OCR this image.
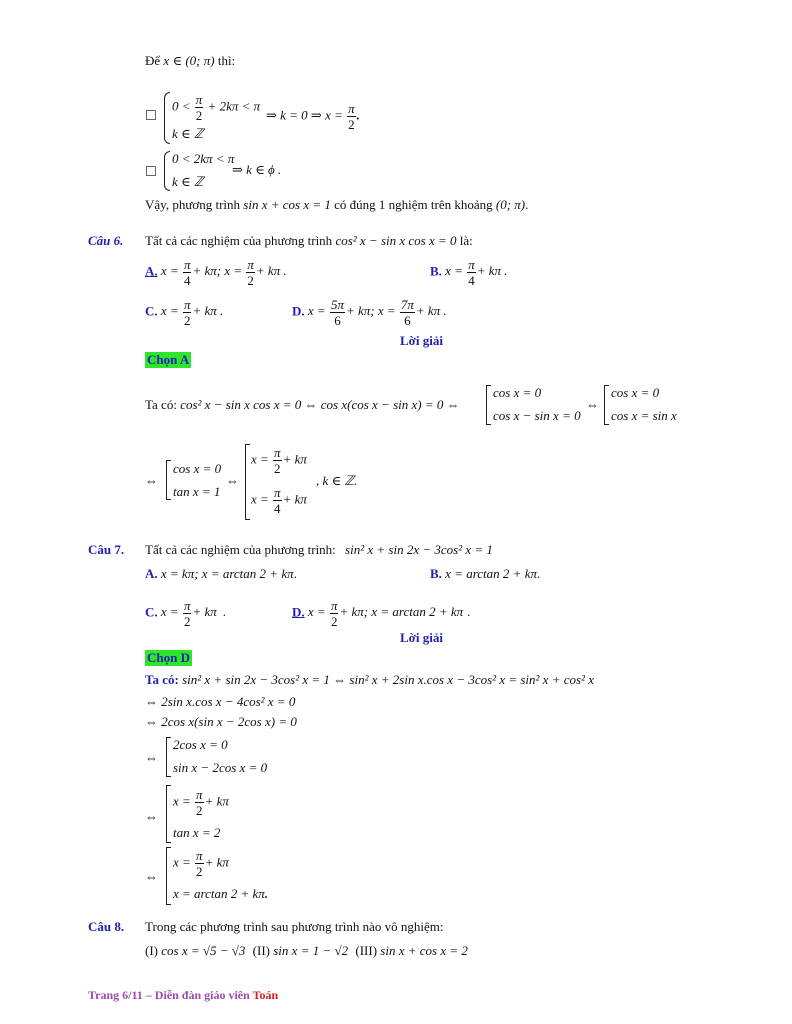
Để x ∈ (0; π) thì:
$0 < \frac{\pi}{2} + 2k\pi < \pi$
k ∈ ℤ
⇒ k = 0 ⇒ $x = \frac{\pi}{2}$ .
0 < 2kπ < π
k ∈ ℤ
⇒ k ∈ ϕ .
Vậy, phương trình sin x + cos x = 1 có đúng 1 nghiệm trên khoảng (0; π).
Câu 6. Tất cả các nghiệm của phương trình cos² x − sin x cos x = 0 là:
A. $x = \frac{\pi}{4} + k\pi$; $x = \frac{\pi}{2} + k\pi$ .	B. $x = \frac{\pi}{4} + k\pi$ .
C. $x = \frac{\pi}{2} + k\pi$ .	D. $x = \frac{5\pi}{6} + k\pi$; $x = \frac{7\pi}{6} + k\pi$ .
Lời giải
Chọn A
Ta có: cos² x − sin x cos x = 0 ⇔ cos x(cos x − sin x) = 0 ⇔
cos x = 0
cos x − sin x = 0
⇔
cos x = 0
cos x = sin x
⇔
cos x = 0
tan x = 1
⇔
$x = \frac{\pi}{2} + k\pi$
$x = \frac{\pi}{4} + k\pi$
, k ∈ ℤ.
Câu 7. Tất cả các nghiệm của phương trình: sin² x + sin 2x − 3cos² x = 1
A. x = kπ; x = arctan 2 + kπ.	B. x = arctan 2 + kπ.
C. $x = \frac{\pi}{2} + k\pi$ .	D. $x = \frac{\pi}{2} + k\pi$; x = arctan 2 + kπ .
Lời giải
Chọn D
Ta có: sin² x + sin 2x − 3cos² x = 1 ⇔ sin² x + 2sin x.cos x − 3cos² x = sin² x + cos² x
⇔ 2sin x.cos x − 4cos² x = 0
⇔ 2cos x(sin x − 2cos x) = 0
⇔
2cos x = 0
sin x − 2cos x = 0
⇔
$x = \frac{\pi}{2} + k\pi$
tan x = 2
⇔
$x = \frac{\pi}{2} + k\pi$
x = arctan 2 + kπ.
Câu 8. Trong các phương trình sau phương trình nào vô nghiệm:
(I) cos x = √5 − √3 (II) sin x = 1 − √2 (III) sin x + cos x = 2
Trang 6/11 – Diễn đàn giáo viên Toán
